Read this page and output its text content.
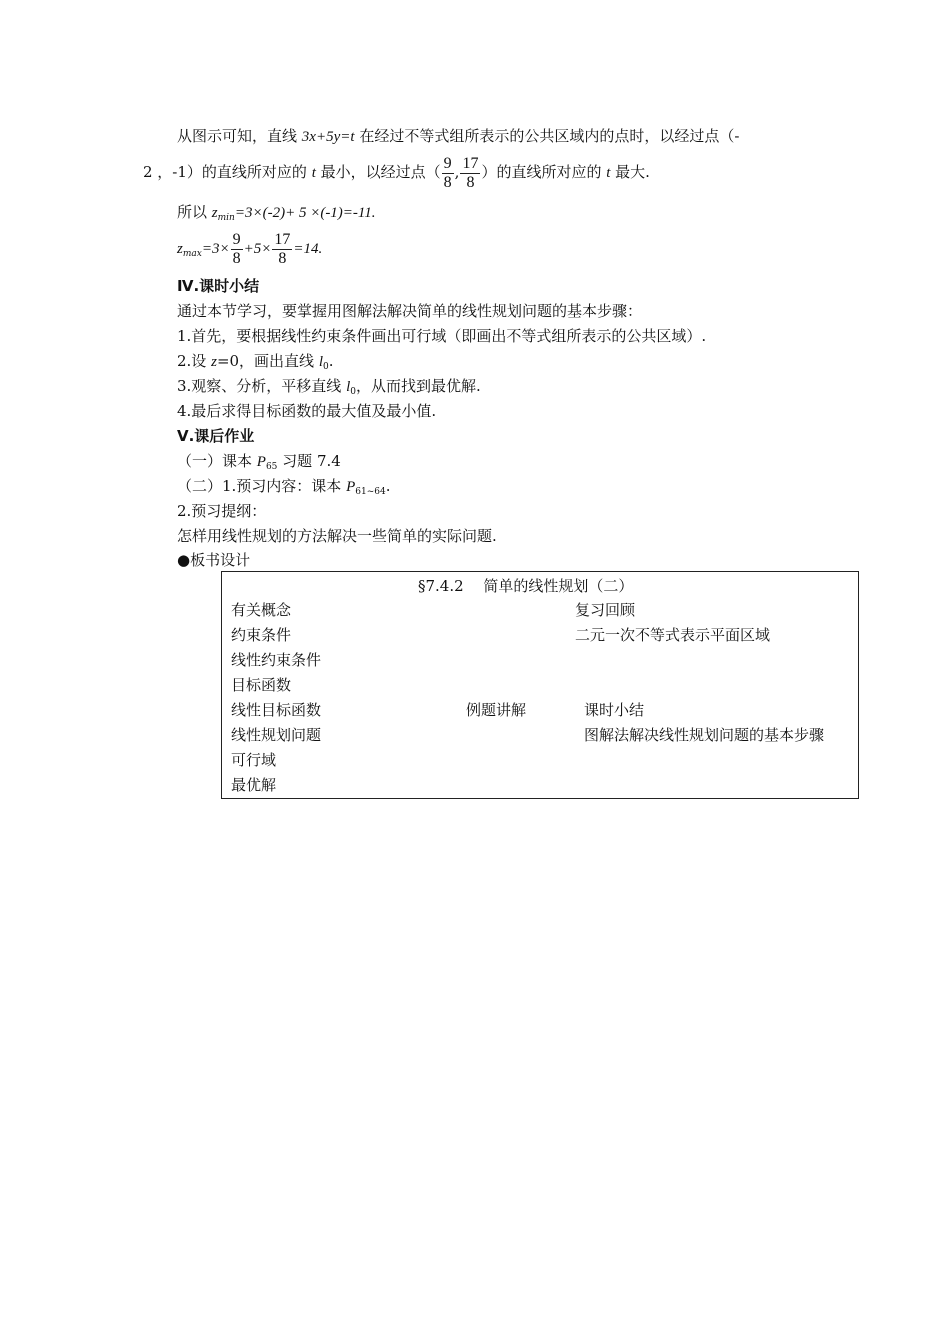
从图示可知，直线 3x+5y=t 在经过不等式组所表示的公共区域内的点时，以经过点（-
2 ，-1）的直线所对应的 t 最小，以经过点（ $\frac{9}{8}$ , $\frac{17}{8}$ ）的直线所对应的 t 最大.
所以 $z_{min}=3\times(-2)+ 5 \times(-1)=-11$.
$z_{max}=3\times \frac{9}{8} +5\times \frac{17}{8} =14$.
Ⅳ.课时小结
通过本节学习，要掌握用图解法解决简单的线性规划问题的基本步骤：
1.首先，要根据线性约束条件画出可行域（即画出不等式组所表示的公共区域）.
2.设 z=0，画出直线 $l_0$.
3.观察、分析，平移直线 $l_0$，从而找到最优解.
4.最后求得目标函数的最大值及最小值.
Ⅴ.课后作业
（一）课本 $P_{65}$ 习题 7.4
（二）1.预习内容：课本 $P_{61\sim 64}$.
2.预习提纲：
怎样用线性规划的方法解决一些简单的实际问题.
●板书设计
§7.4.2　 简单的线性规划（二）
有关概念
约束条件
线性约束条件
目标函数
线性目标函数
线性规划问题
可行域
最优解
复习回顾
二元一次不等式表示平面区域
例题讲解	课时小结
图解法解决线性规划问题的基本步骤
